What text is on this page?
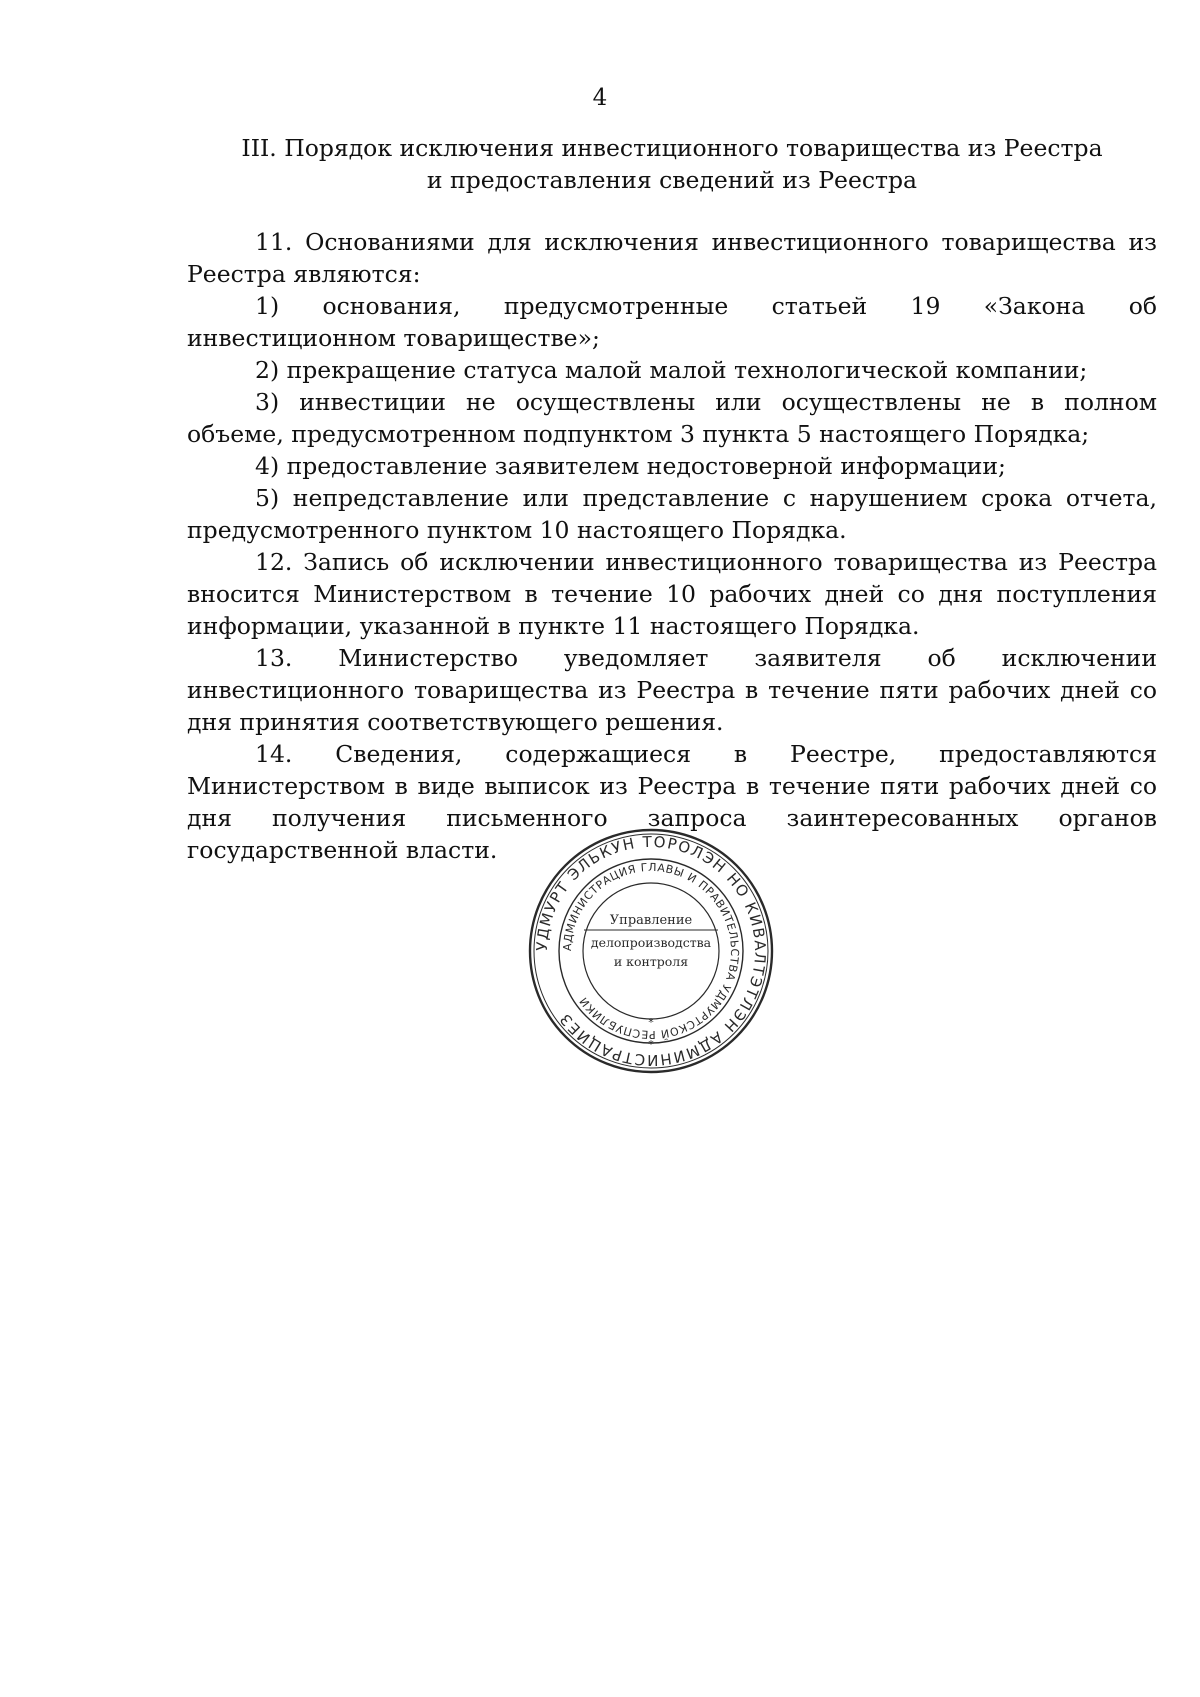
4
III. Порядок исключения инвестиционного товарищества из Реестра
и предоставления сведений из Реестра

11. Основаниями для исключения инвестиционного товарищества из Реестра являются:

1) основания, предусмотренные статьей 19 «Закона об инвестиционном товариществе»;

2) прекращение статуса малой малой технологической компании;

3) инвестиции не осуществлены или осуществлены не в полном объеме, предусмотренном подпунктом 3 пункта 5 настоящего Порядка;

4) предоставление заявителем недостоверной информации;

5) непредставление или представление с нарушением срока отчета, предусмотренного пунктом 10 настоящего Порядка.

12. Запись об исключении инвестиционного товарищества из Реестра вносится Министерством в течение 10 рабочих дней со дня поступления информации, указанной в пункте 11 настоящего Порядка.

13. Министерство уведомляет заявителя об исключении инвестиционного товарищества из Реестра в течение пяти рабочих дней со дня принятия соответствующего решения.

14. Сведения, содержащиеся в Реестре, предоставляются Министерством в виде выписок из Реестра в течение пяти рабочих дней со дня получения письменного запроса заинтересованных органов государственной власти.

УДМУРТ ЭЛЬКУН ТОРОЛЭН НО КИВАЛТЭТЛЭН АДМИНИСТРАЦИЕЗ
АДМИНИСТРАЦИЯ ГЛАВЫ И ПРАВИТЕЛЬСТВА УДМУРТСКОЙ РЕСПУБЛИКИ
Управление
делопроизводства
и контроля
*
*
